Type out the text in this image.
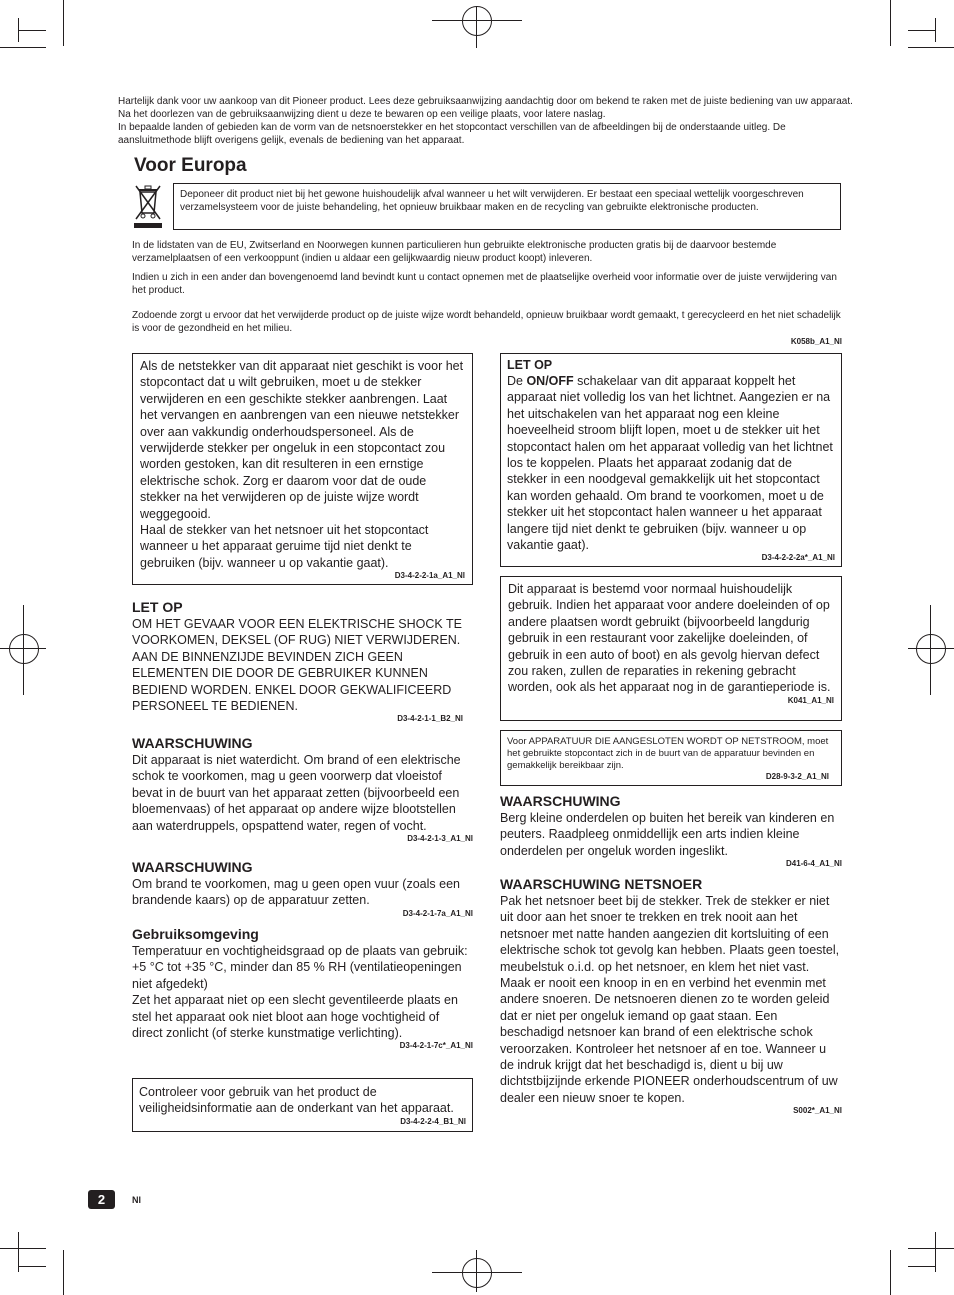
Hartelijk dank voor uw aankoop van dit Pioneer product. Lees deze gebruiksaanwijzing aandachtig door om bekend te raken met de juiste bediening van uw apparaat. Na het doorlezen van de gebruiksaanwijzing dient u deze te bewaren op een veilige plaats, voor latere naslag.

In bepaalde landen of gebieden kan de vorm van de netsnoerstekker en het stopcontact verschillen van de afbeeldingen bij de onderstaande uitleg. De aansluitmethode blijft overigens gelijk, evenals de bediening van het apparaat.

Voor Europa
Deponeer dit product niet bij het gewone huishoudelijk afval wanneer u het wilt verwijderen. Er bestaat een speciaal wettelijk voorgeschreven verzamelsysteem voor de juiste behandeling, het opnieuw bruikbaar maken en de recycling van gebruikte elektronische producten.

In de lidstaten van de EU, Zwitserland en Noorwegen kunnen particulieren hun gebruikte elektronische producten gratis bij de daarvoor bestemde verzamelplaatsen of een verkooppunt (indien u aldaar een gelijkwaardig nieuw product koopt) inleveren.

Indien u zich in een ander dan bovengenoemd land bevindt kunt u contact opnemen met de plaatselijke overheid voor informatie over de juiste verwijdering van het product.

Zodoende zorgt u ervoor dat het verwijderde product op de juiste wijze wordt behandeld, opnieuw bruikbaar wordt gemaakt, t gerecycleerd en het niet schadelijk is voor de gezondheid en het milieu.

K058b_A1_Nl

Als de netstekker van dit apparaat niet geschikt is voor het stopcontact dat u wilt gebruiken, moet u de stekker verwijderen en een geschikte stekker aanbrengen. Laat het vervangen en aanbrengen van een nieuwe netstekker over aan vakkundig onderhoudspersoneel. Als de verwijderde stekker per ongeluk in een stopcontact zou worden gestoken, kan dit resulteren in een ernstige elektrische schok. Zorg er daarom voor dat de oude stekker na het verwijderen op de juiste wijze wordt weggegooid.

Haal de stekker van het netsnoer uit het stopcontact wanneer u het apparaat geruime tijd niet denkt te gebruiken (bijv. wanneer u op vakantie gaat).

D3-4-2-2-1a_A1_Nl

LET OP

OM HET GEVAAR VOOR EEN ELEKTRISCHE SHOCK TE VOORKOMEN, DEKSEL (OF RUG) NIET VERWIJDEREN. AAN DE BINNENZIJDE BEVINDEN ZICH GEEN ELEMENTEN DIE DOOR DE GEBRUIKER KUNNEN BEDIEND WORDEN. ENKEL DOOR GEKWALIFICEERD PERSONEEL TE BEDIENEN.

D3-4-2-1-1_B2_Nl

WAARSCHUWING

Dit apparaat is niet waterdicht. Om brand of een elektrische schok te voorkomen, mag u geen voorwerp dat vloeistof bevat in de buurt van het apparaat zetten (bijvoorbeeld een bloemenvaas) of het apparaat op andere wijze blootstellen aan waterdruppels, opspattend water, regen of vocht.

D3-4-2-1-3_A1_Nl

WAARSCHUWING

Om brand te voorkomen, mag u geen open vuur (zoals een brandende kaars) op de apparatuur zetten.

D3-4-2-1-7a_A1_Nl

Gebruiksomgeving

Temperatuur en vochtigheidsgraad op de plaats van gebruik:

+5 °C tot +35 °C, minder dan 85 % RH (ventilatieopeningen niet afgedekt)

Zet het apparaat niet op een slecht geventileerde plaats en stel het apparaat ook niet bloot aan hoge vochtigheid of direct zonlicht (of sterke kunstmatige verlichting).

D3-4-2-1-7c*_A1_Nl

Controleer voor gebruik van het product de veiligheidsinformatie aan de onderkant van het apparaat.

D3-4-2-2-4_B1_Nl

LET OP

De ON/OFF schakelaar van dit apparaat koppelt het apparaat niet volledig los van het lichtnet. Aangezien er na het uitschakelen van het apparaat nog een kleine hoeveelheid stroom blijft lopen, moet u de stekker uit het stopcontact halen om het apparaat volledig van het lichtnet los te koppelen. Plaats het apparaat zodanig dat de stekker in een noodgeval gemakkelijk uit het stopcontact kan worden gehaald. Om brand te voorkomen, moet u de stekker uit het stopcontact halen wanneer u het apparaat langere tijd niet denkt te gebruiken (bijv. wanneer u op vakantie gaat).

D3-4-2-2-2a*_A1_Nl

Dit apparaat is bestemd voor normaal huishoudelijk gebruik. Indien het apparaat voor andere doeleinden of op andere plaatsen wordt gebruikt (bijvoorbeeld langdurig gebruik in een restaurant voor zakelijke doeleinden, of gebruik in een auto of boot) en als gevolg hiervan defect zou raken, zullen de reparaties in rekening gebracht worden, ook als het apparaat nog in de garantieperiode is.

K041_A1_Nl

Voor APPARATUUR DIE AANGESLOTEN WORDT OP NETSTROOM, moet het gebruikte stopcontact zich in de buurt van de apparatuur bevinden en gemakkelijk bereikbaar zijn.

D28-9-3-2_A1_Nl

WAARSCHUWING

Berg kleine onderdelen op buiten het bereik van kinderen en peuters. Raadpleeg onmiddellijk een arts indien kleine onderdelen per ongeluk worden ingeslikt.

D41-6-4_A1_Nl

WAARSCHUWING NETSNOER

Pak het netsnoer beet bij de stekker. Trek de stekker er niet uit door aan het snoer te trekken en trek nooit aan het netsnoer met natte handen aangezien dit kortsluiting of een elektrische schok tot gevolg kan hebben. Plaats geen toestel, meubelstuk o.i.d. op het netsnoer, en klem het niet vast. Maak er nooit een knoop in en en verbind het evenmin met andere snoeren. De netsnoeren dienen zo te worden geleid dat er niet per ongeluk iemand op gaat staan. Een beschadigd netsnoer kan brand of een elektrische schok veroorzaken. Kontroleer het netsnoer af en toe. Wanneer u de indruk krijgt dat het beschadigd is, dient u bij uw dichtstbijzijnde erkende PIONEER onderhoudscentrum of uw dealer een nieuw snoer te kopen.

S002*_A1_Nl

2	Nl
